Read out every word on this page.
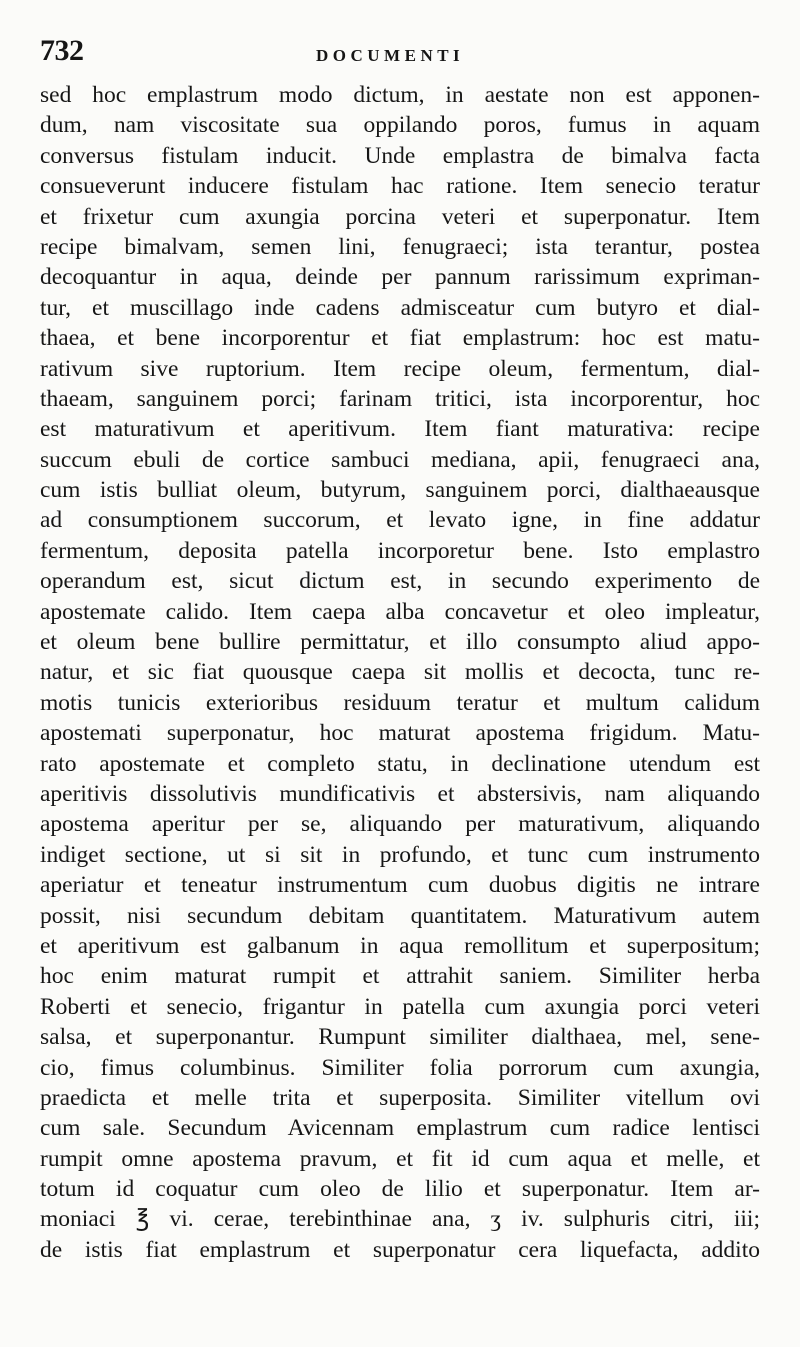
732	DOCUMENTI
sed hoc emplastrum modo dictum, in aestate non est apponen-
dum, nam viscositate sua oppilando poros, fumus in aquam
conversus fistulam inducit. Unde emplastra de bimalva facta
consueverunt inducere fistulam hac ratione. Item senecio teratur
et frixetur cum axungia porcina veteri et superponatur. Item
recipe bimalvam, semen lini, fenugraeci; ista terantur, postea
decoquantur in aqua, deinde per pannum rarissimum expriman-
tur, et muscillago inde cadens admisceatur cum butyro et dial-
thaea, et bene incorporentur et fiat emplastrum: hoc est matu-
rativum sive ruptorium. Item recipe oleum, fermentum, dial-
thaeam, sanguinem porci; farinam tritici, ista incorporentur, hoc
est maturativum et aperitivum. Item fiant maturativa: recipe
succum ebuli de cortice sambuci mediana, apii, fenugraeci ana,
cum istis bulliat oleum, butyrum, sanguinem porci, dialthaeausque
ad consumptionem succorum, et levato igne, in fine addatur
fermentum, deposita patella incorporetur bene. Isto emplastro
operandum est, sicut dictum est, in secundo experimento de
apostemate calido. Item caepa alba concavetur et oleo impleatur,
et oleum bene bullire permittatur, et illo consumpto aliud appo-
natur, et sic fiat quousque caepa sit mollis et decocta, tunc re-
motis tunicis exterioribus residuum teratur et multum calidum
apostemati superponatur, hoc maturat apostema frigidum. Matu-
rato apostemate et completo statu, in declinatione utendum est
aperitivis dissolutivis mundificativis et abstersivis, nam aliquando
apostema aperitur per se, aliquando per maturativum, aliquando
indiget sectione, ut si sit in profundo, et tunc cum instrumento
aperiatur et teneatur instrumentum cum duobus digitis ne intrare
possit, nisi secundum debitam quantitatem. Maturativum autem
et aperitivum est galbanum in aqua remollitum et superpositum;
hoc enim maturat rumpit et attrahit saniem. Similiter herba
Roberti et senecio, frigantur in patella cum axungia porci veteri
salsa, et superponantur. Rumpunt similiter dialthaea, mel, sene-
cio, fimus columbinus. Similiter folia porrorum cum axungia,
praedicta et melle trita et superposita. Similiter vitellum ovi
cum sale. Secundum Avicennam emplastrum cum radice lentisci
rumpit omne apostema pravum, et fit id cum aqua et melle, et
totum id coquatur cum oleo de lilio et superponatur. Item ar-
moniaci ℥ vi. cerae, terebinthinae ana, ʒ iv. sulphuris citri, iii;
de istis fiat emplastrum et superponatur cera liquefacta, addito
